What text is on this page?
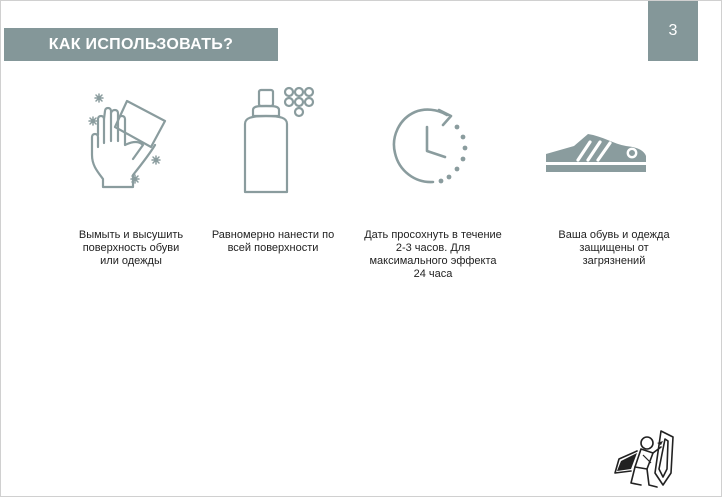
КАК ИСПОЛЬЗОВАТЬ?
3
Вымыть и высушить
поверхность обуви
или одежды
Равномерно нанести по
всей поверхности
Дать просохнуть в течение
2-3 часов. Для
максимального эффекта
24 часа
Ваша обувь и одежда
защищены от
загрязнений
